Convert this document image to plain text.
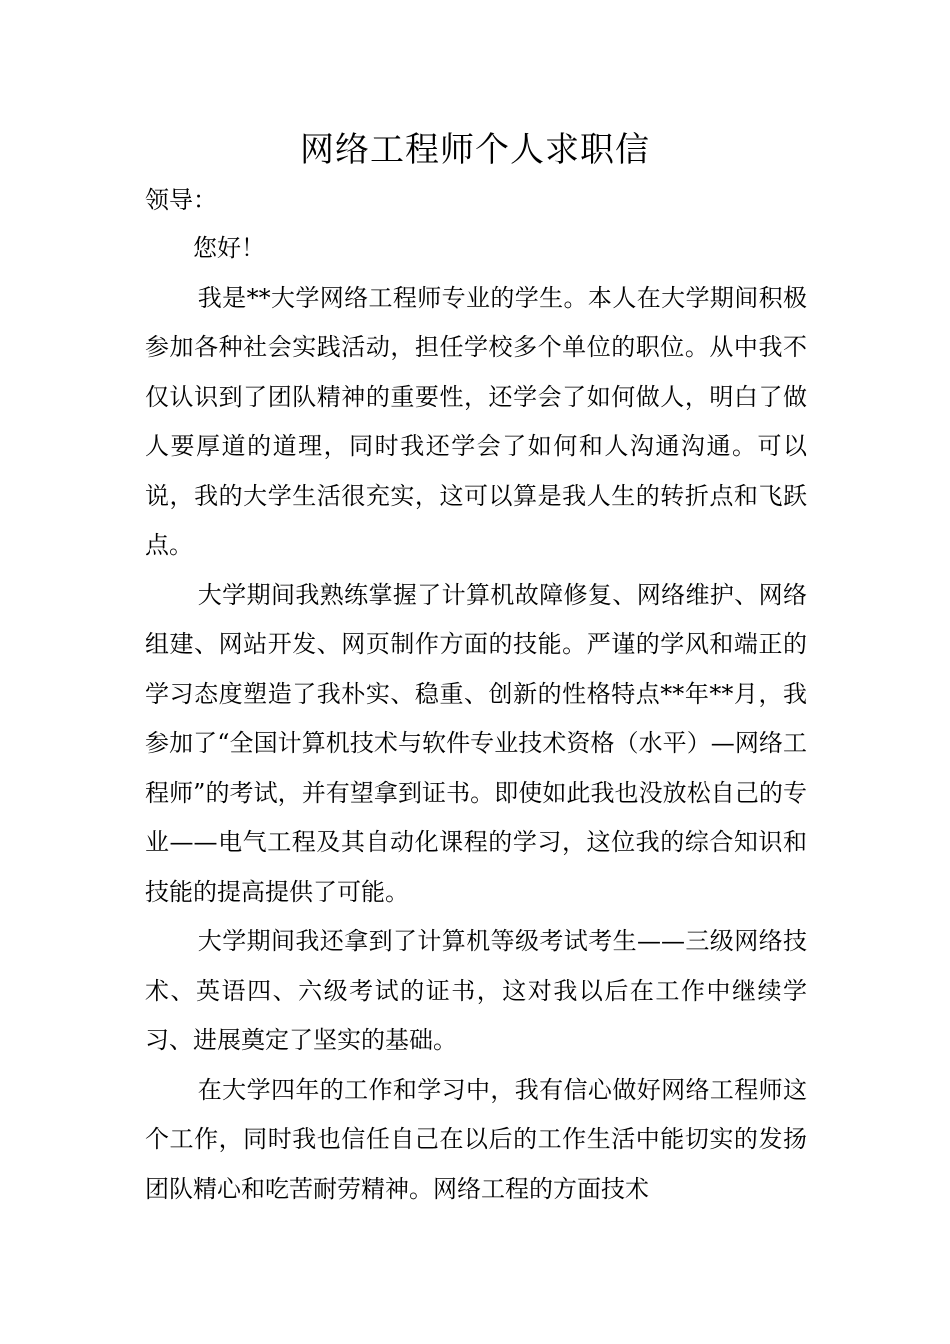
网络工程师个人求职信
领导：

您好！

我是**大学网络工程师专业的学生。本人在大学期间积极参加各种社会实践活动，担任学校多个单位的职位。从中我不仅认识到了团队精神的重要性，还学会了如何做人，明白了做人要厚道的道理，同时我还学会了如何和人沟通沟通。可以说，我的大学生活很充实，这可以算是我人生的转折点和飞跃点。

大学期间我熟练掌握了计算机故障修复、网络维护、网络组建、网站开发、网页制作方面的技能。严谨的学风和端正的学习态度塑造了我朴实、稳重、创新的性格特点**年**月，我参加了“全国计算机技术与软件专业技术资格（水平）—网络工程师”的考试，并有望拿到证书。即使如此我也没放松自己的专业——电气工程及其自动化课程的学习，这位我的综合知识和技能的提高提供了可能。

大学期间我还拿到了计算机等级考试考生——三级网络技术、英语四、六级考试的证书，这对我以后在工作中继续学习、进展奠定了坚实的基础。

在大学四年的工作和学习中，我有信心做好网络工程师这个工作，同时我也信任自己在以后的工作生活中能切实的发扬团队精心和吃苦耐劳精神。网络工程的方面技术
